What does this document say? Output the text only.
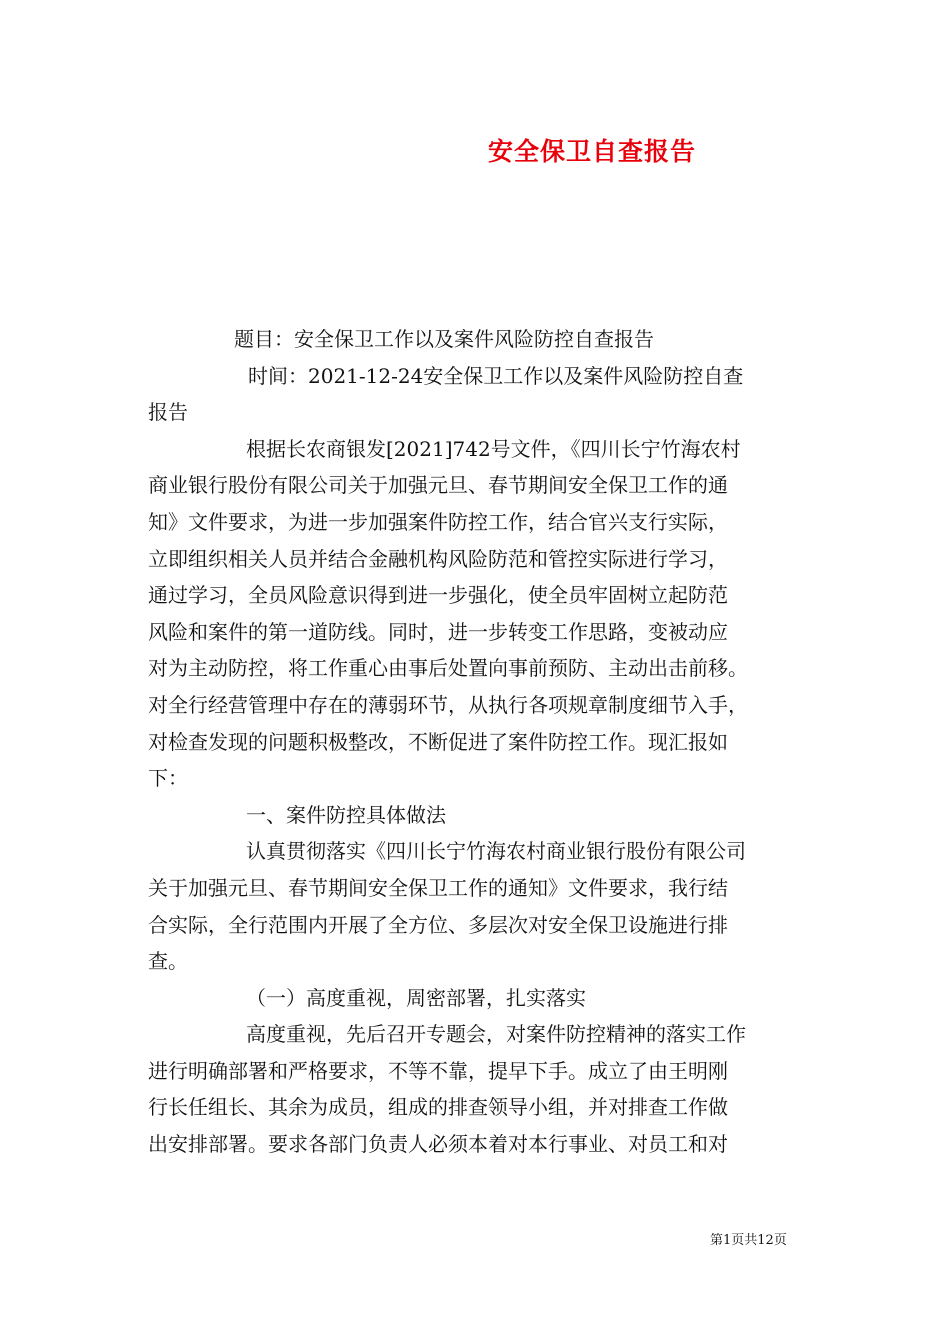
安全保卫自查报告
题目：安全保卫工作以及案件风险防控自查报告
时间：2021-12-24安全保卫工作以及案件风险防控自查
报告
根据长农商银发[2021]742号文件，《四川长宁竹海农村
商业银行股份有限公司关于加强元旦、春节期间安全保卫工作的通
知》文件要求，为进一步加强案件防控工作，结合官兴支行实际，
立即组织相关人员并结合金融机构风险防范和管控实际进行学习，
通过学习，全员风险意识得到进一步强化，使全员牢固树立起防范
风险和案件的第一道防线。同时，进一步转变工作思路，变被动应
对为主动防控，将工作重心由事后处置向事前预防、主动出击前移。
对全行经营管理中存在的薄弱环节，从执行各项规章制度细节入手，
对检查发现的问题积极整改，不断促进了案件防控工作。现汇报如
下：
一、案件防控具体做法
认真贯彻落实《四川长宁竹海农村商业银行股份有限公司
关于加强元旦、春节期间安全保卫工作的通知》文件要求，我行结
合实际，全行范围内开展了全方位、多层次对安全保卫设施进行排
查。
（一）高度重视，周密部署，扎实落实
高度重视，先后召开专题会，对案件防控精神的落实工作
进行明确部署和严格要求，不等不靠，提早下手。成立了由王明刚
行长任组长、其余为成员，组成的排查领导小组，并对排查工作做
出安排部署。要求各部门负责人必须本着对本行事业、对员工和对
第1页共12页
